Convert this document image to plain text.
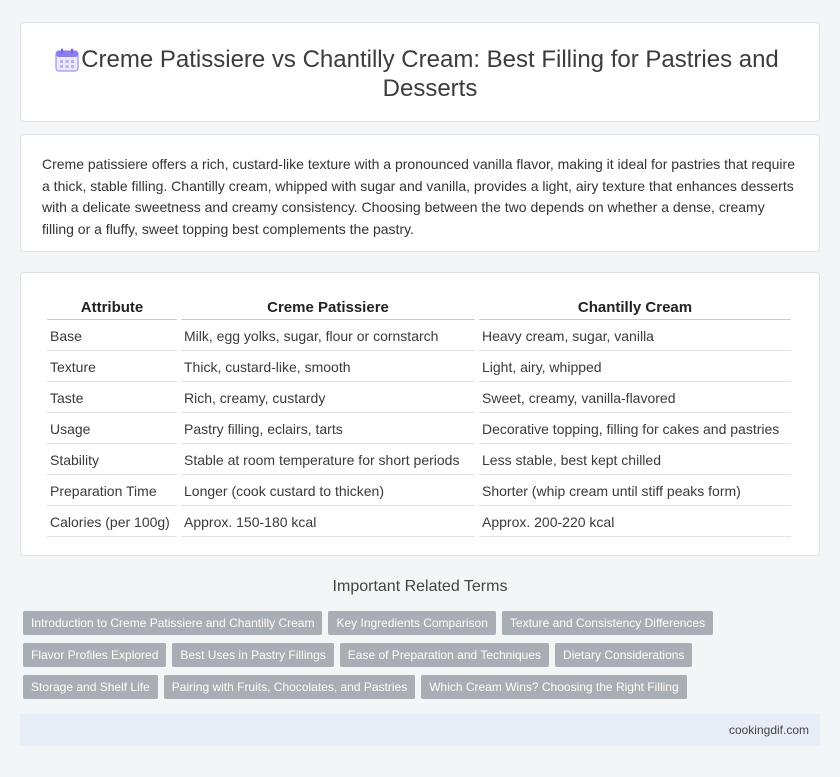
Creme Patissiere vs Chantilly Cream: Best Filling for Pastries and Desserts

Creme patissiere offers a rich, custard-like texture with a pronounced vanilla flavor, making it ideal for pastries that require a thick, stable filling. Chantilly cream, whipped with sugar and vanilla, provides a light, airy texture that enhances desserts with a delicate sweetness and creamy consistency. Choosing between the two depends on whether a dense, creamy filling or a fluffy, sweet topping best complements the pastry.

Attribute	Creme Patissiere	Chantilly Cream
Base	Milk, egg yolks, sugar, flour or cornstarch	Heavy cream, sugar, vanilla
Texture	Thick, custard-like, smooth	Light, airy, whipped
Taste	Rich, creamy, custardy	Sweet, creamy, vanilla-flavored
Usage	Pastry filling, eclairs, tarts	Decorative topping, filling for cakes and pastries
Stability	Stable at room temperature for short periods	Less stable, best kept chilled
Preparation Time	Longer (cook custard to thicken)	Shorter (whip cream until stiff peaks form)
Calories (per 100g)	Approx. 150-180 kcal	Approx. 200-220 kcal
Important Related Terms
Introduction to Creme Patissiere and Chantilly Cream	Key Ingredients Comparison	Texture and Consistency Differences
Flavor Profiles Explored	Best Uses in Pastry Fillings	Ease of Preparation and Techniques	Dietary Considerations
Storage and Shelf Life	Pairing with Fruits, Chocolates, and Pastries	Which Cream Wins? Choosing the Right Filling
cookingdif.com
